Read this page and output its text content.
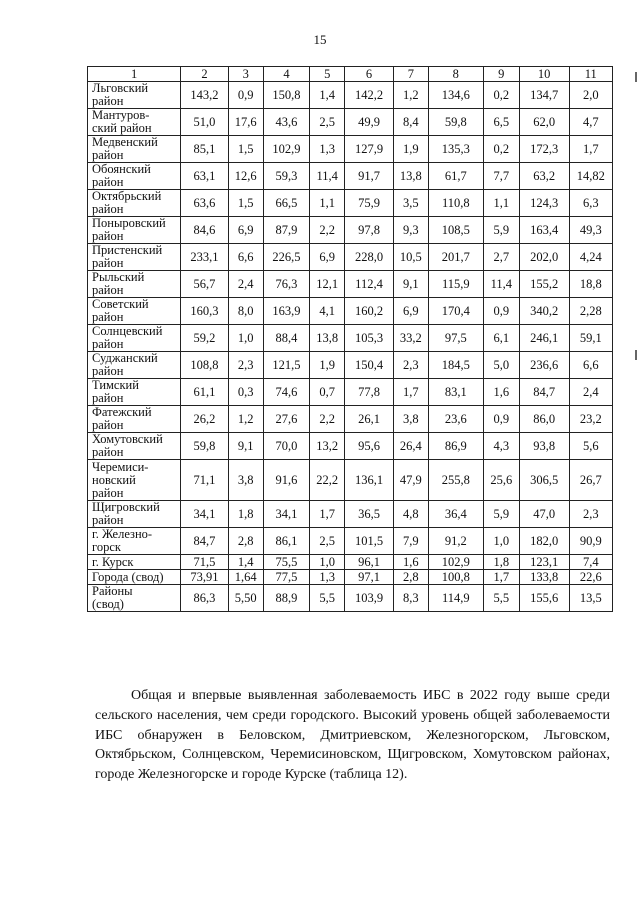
15
1	2	3	4	5	6	7	8	9	10	11
Льговский
район	143,2	0,9	150,8	1,4	142,2	1,2	134,6	0,2	134,7	2,0
Мантуров-
ский район	51,0	17,6	43,6	2,5	49,9	8,4	59,8	6,5	62,0	4,7
Медвенский
район	85,1	1,5	102,9	1,3	127,9	1,9	135,3	0,2	172,3	1,7
Обоянский
район	63,1	12,6	59,3	11,4	91,7	13,8	61,7	7,7	63,2	14,82
Октябрьский
район	63,6	1,5	66,5	1,1	75,9	3,5	110,8	1,1	124,3	6,3
Поныровский
район	84,6	6,9	87,9	2,2	97,8	9,3	108,5	5,9	163,4	49,3
Пристенский
район	233,1	6,6	226,5	6,9	228,0	10,5	201,7	2,7	202,0	4,24
Рыльский
район	56,7	2,4	76,3	12,1	112,4	9,1	115,9	11,4	155,2	18,8
Советский
район	160,3	8,0	163,9	4,1	160,2	6,9	170,4	0,9	340,2	2,28
Солнцевский
район	59,2	1,0	88,4	13,8	105,3	33,2	97,5	6,1	246,1	59,1
Суджанский
район	108,8	2,3	121,5	1,9	150,4	2,3	184,5	5,0	236,6	6,6
Тимский
район	61,1	0,3	74,6	0,7	77,8	1,7	83,1	1,6	84,7	2,4
Фатежский
район	26,2	1,2	27,6	2,2	26,1	3,8	23,6	0,9	86,0	23,2
Хомутовский
район	59,8	9,1	70,0	13,2	95,6	26,4	86,9	4,3	93,8	5,6
Черемиси-
новский
район	71,1	3,8	91,6	22,2	136,1	47,9	255,8	25,6	306,5	26,7
Щигровский
район	34,1	1,8	34,1	1,7	36,5	4,8	36,4	5,9	47,0	2,3
г. Железно-
горск	84,7	2,8	86,1	2,5	101,5	7,9	91,2	1,0	182,0	90,9
г. Курск	71,5	1,4	75,5	1,0	96,1	1,6	102,9	1,8	123,1	7,4
Города (свод)	73,91	1,64	77,5	1,3	97,1	2,8	100,8	1,7	133,8	22,6
Районы
(свод)	86,3	5,50	88,9	5,5	103,9	8,3	114,9	5,5	155,6	13,5
Общая и впервые выявленная заболеваемость ИБС в 2022 году выше среди сельского населения, чем среди городского. Высокий уровень общей заболеваемости ИБС обнаружен в Беловском, Дмитриевском, Железногорском, Льговском, Октябрьском, Солнцевском, Черемисиновском, Щигровском, Хомутовском районах, городе Железногорске и городе Курске (таблица 12).
